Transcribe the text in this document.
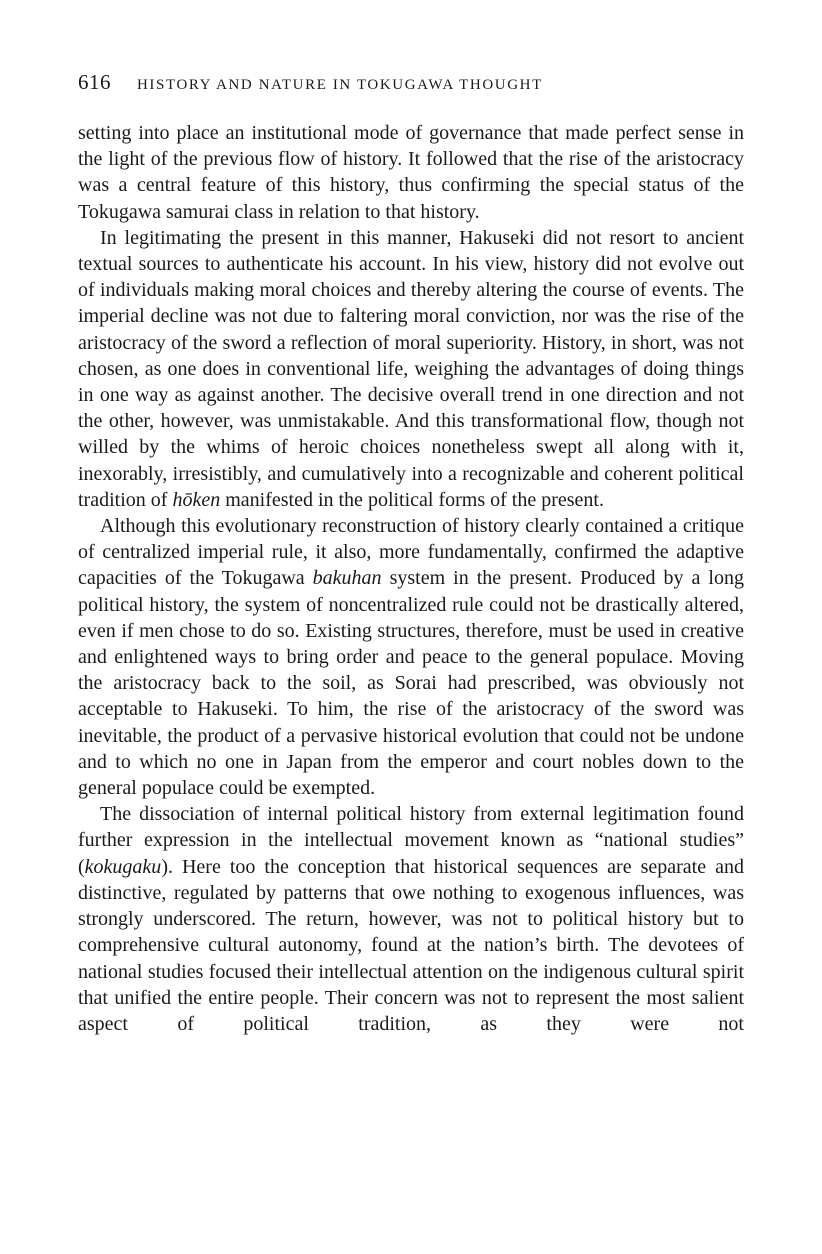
616 HISTORY AND NATURE IN TOKUGAWA THOUGHT

setting into place an institutional mode of governance that made perfect sense in the light of the previous flow of history. It followed that the rise of the aristocracy was a central feature of this history, thus confirming the special status of the Tokugawa samurai class in relation to that history.

In legitimating the present in this manner, Hakuseki did not resort to ancient textual sources to authenticate his account. In his view, history did not evolve out of individuals making moral choices and thereby altering the course of events. The imperial decline was not due to faltering moral conviction, nor was the rise of the aristocracy of the sword a reflection of moral superiority. History, in short, was not chosen, as one does in conventional life, weighing the advantages of doing things in one way as against another. The decisive overall trend in one direction and not the other, however, was unmistakable. And this transformational flow, though not willed by the whims of heroic choices nonetheless swept all along with it, inexorably, irresistibly, and cumulatively into a recognizable and coherent political tradition of hōken manifested in the political forms of the present.

Although this evolutionary reconstruction of history clearly contained a critique of centralized imperial rule, it also, more fundamentally, confirmed the adaptive capacities of the Tokugawa bakuhan system in the present. Produced by a long political history, the system of noncentralized rule could not be drastically altered, even if men chose to do so. Existing structures, therefore, must be used in creative and enlightened ways to bring order and peace to the general populace. Moving the aristocracy back to the soil, as Sorai had prescribed, was obviously not acceptable to Hakuseki. To him, the rise of the aristocracy of the sword was inevitable, the product of a pervasive historical evolution that could not be undone and to which no one in Japan from the emperor and court nobles down to the general populace could be exempted.

The dissociation of internal political history from external legitimation found further expression in the intellectual movement known as “national studies” (kokugaku). Here too the conception that historical sequences are separate and distinctive, regulated by patterns that owe nothing to exogenous influences, was strongly underscored. The return, however, was not to political history but to comprehensive cultural autonomy, found at the nation’s birth. The devotees of national studies focused their intellectual attention on the indigenous cultural spirit that unified the entire people. Their concern was not to represent the most salient aspect of political tradition, as they were not
